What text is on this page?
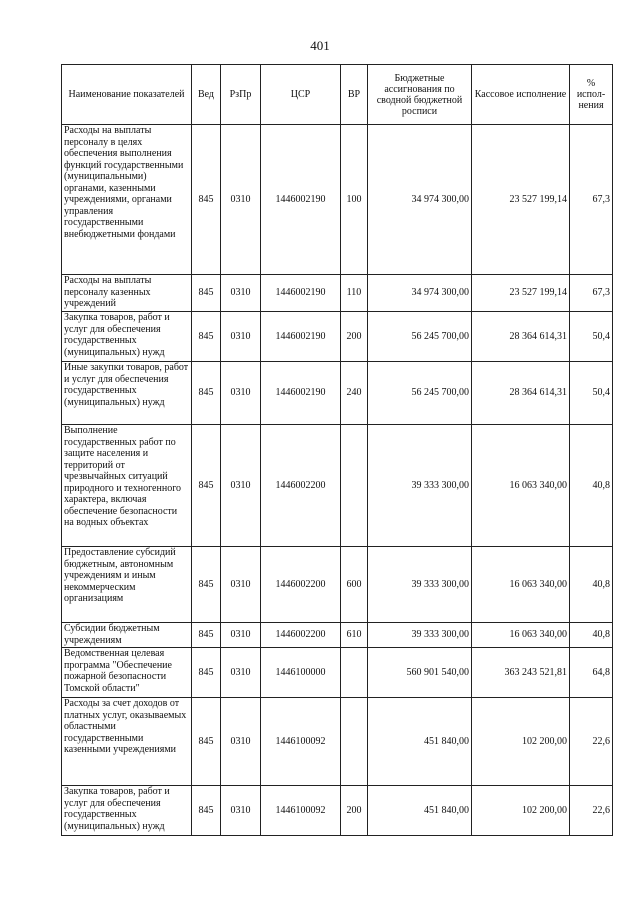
401
Наименование показателей	Вед	РзПр	ЦСР	ВР	Бюджетные ассигнования по сводной бюджетной росписи	Кассовое исполнение	% испол-нения
Расходы на выплаты персоналу в целях обеспечения выполнения функций государственными (муниципальными) органами, казенными учреждениями, органами управления государственными внебюджетными фондами	845	0310	1446002190	100	34 974 300,00	23 527 199,14	67,3
Расходы на выплаты персоналу казенных учреждений	845	0310	1446002190	110	34 974 300,00	23 527 199,14	67,3
Закупка товаров, работ и услуг для обеспечения государственных (муниципальных) нужд	845	0310	1446002190	200	56 245 700,00	28 364 614,31	50,4
Иные закупки товаров, работ и услуг для обеспечения государственных (муниципальных) нужд	845	0310	1446002190	240	56 245 700,00	28 364 614,31	50,4
Выполнение государственных работ по защите населения и территорий от чрезвычайных ситуаций природного и техногенного характера, включая обеспечение безопасности на водных объектах	845	0310	1446002200		39 333 300,00	16 063 340,00	40,8
Предоставление субсидий бюджетным, автономным учреждениям и иным некоммерческим организациям	845	0310	1446002200	600	39 333 300,00	16 063 340,00	40,8
Субсидии бюджетным учреждениям	845	0310	1446002200	610	39 333 300,00	16 063 340,00	40,8
Ведомственная целевая программа "Обеспечение пожарной безопасности Томской области"	845	0310	1446100000		560 901 540,00	363 243 521,81	64,8
Расходы за счет доходов от платных услуг, оказываемых областными государственными казенными учреждениями	845	0310	1446100092		451 840,00	102 200,00	22,6
Закупка товаров, работ и услуг для обеспечения государственных (муниципальных) нужд	845	0310	1446100092	200	451 840,00	102 200,00	22,6
